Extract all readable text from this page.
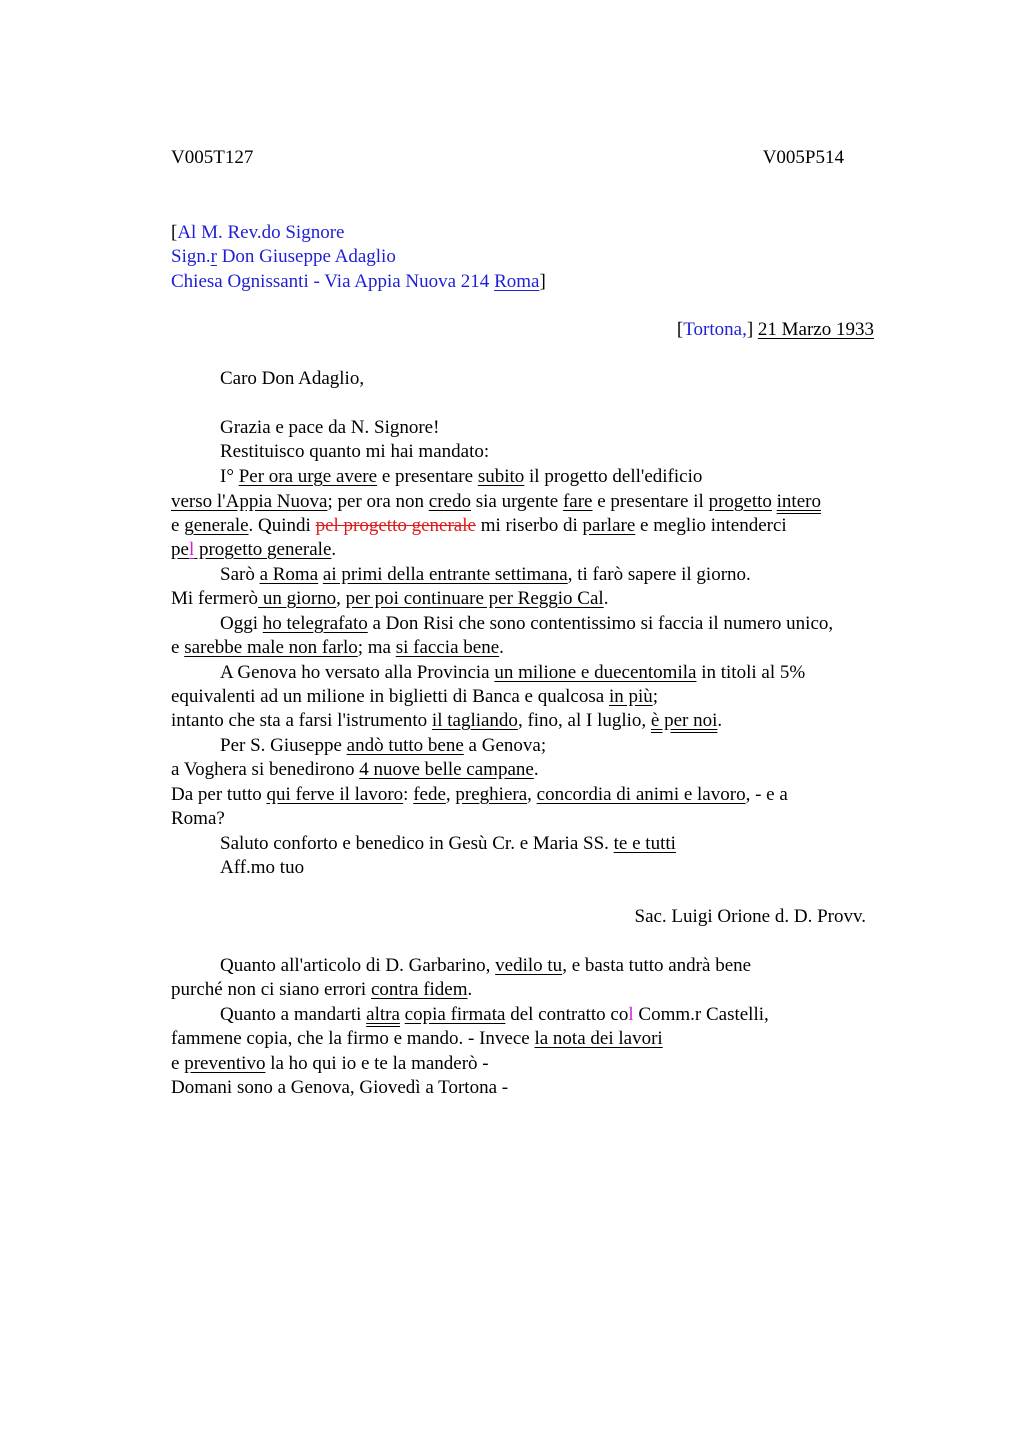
V005T127	V005P514
[Al M. Rev.do Signore
Sign.r Don Giuseppe Adaglio
Chiesa Ognissanti - Via Appia Nuova 214 Roma]
[Tortona,] 21 Marzo 1933
Caro Don Adaglio,
Grazia e pace da N. Signore!
Restituisco quanto mi hai mandato:
I° Per ora urge avere e presentare subito il progetto dell'edificio
verso l'Appia Nuova; per ora non credo sia urgente fare e presentare il progetto intero
e generale. Quindi pel progetto generale mi riserbo di parlare e meglio intenderci
pel progetto generale.
Sarò a Roma ai primi della entrante settimana, ti farò sapere il giorno.
Mi fermerò un giorno, per poi continuare per Reggio Cal.
Oggi ho telegrafato a Don Risi che sono contentissimo si faccia il numero unico,
e sarebbe male non farlo; ma si faccia bene.
A Genova ho versato alla Provincia un milione e duecentomila in titoli al 5%
equivalenti ad un milione in biglietti di Banca e qualcosa in più;
intanto che sta a farsi l'istrumento il tagliando, fino, al I luglio, è per noi.
Per S. Giuseppe andò tutto bene a Genova;
a Voghera si benedirono 4 nuove belle campane.
Da per tutto qui ferve il lavoro: fede, preghiera, concordia di animi e lavoro, - e a
Roma?
Saluto conforto e benedico in Gesù Cr. e Maria SS. te e tutti
Aff.mo tuo
Sac. Luigi Orione d. D. Provv.
Quanto all'articolo di D. Garbarino, vedilo tu, e basta tutto andrà bene
purché non ci siano errori contra fidem.
Quanto a mandarti altra copia firmata del contratto col Comm.r Castelli,
fammene copia, che la firmo e mando. - Invece la nota dei lavori
e preventivo la ho qui io e te la manderò -
Domani sono a Genova, Giovedì a Tortona -
